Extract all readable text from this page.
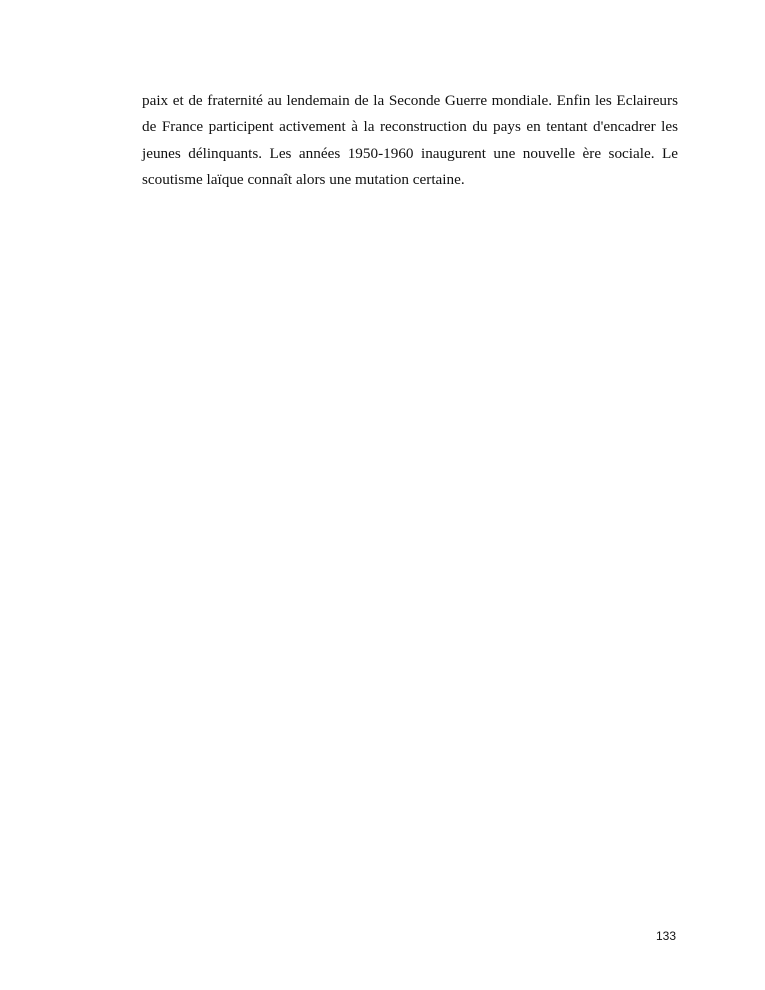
paix et de fraternité au lendemain de la Seconde Guerre mondiale. Enfin les Eclaireurs
de France participent activement à la reconstruction du pays en tentant d'encadrer les
jeunes délinquants. Les années 1950-1960 inaugurent une nouvelle ère sociale. Le
scoutisme laïque connaît alors une mutation certaine.

133
